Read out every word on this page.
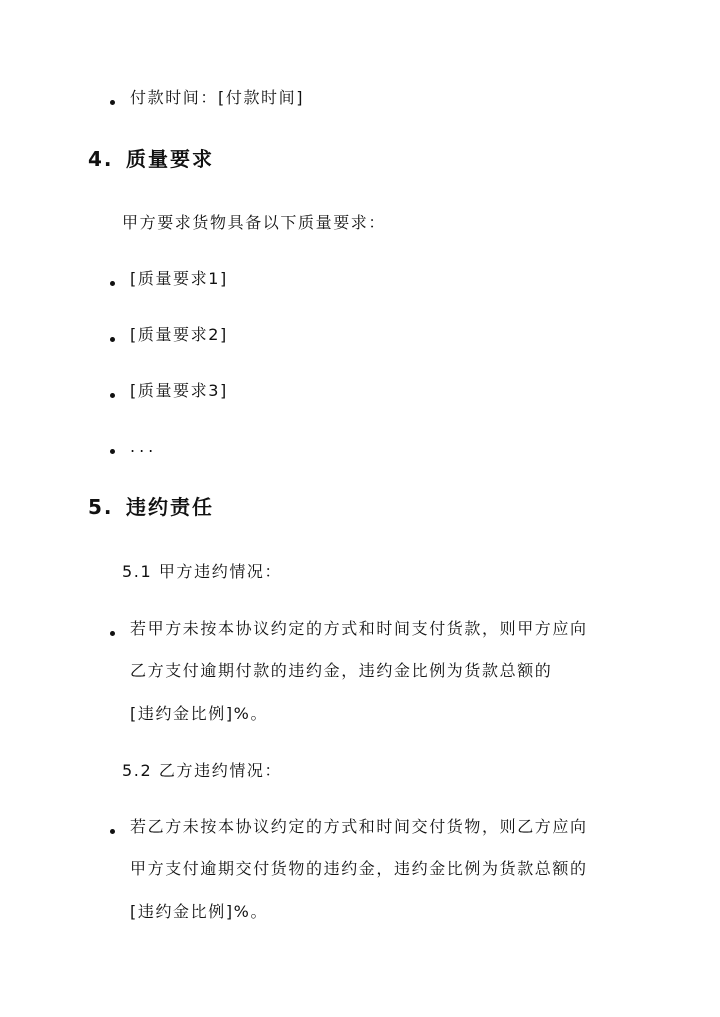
付款时间：[付款时间]
4. 质量要求
甲方要求货物具备以下质量要求：
[质量要求1]
[质量要求2]
[质量要求3]
...
5. 违约责任
5.1 甲方违约情况：
若甲方未按本协议约定的方式和时间支付货款，则甲方应向
乙方支付逾期付款的违约金，违约金比例为货款总额的
[违约金比例]%。
5.2 乙方违约情况：
若乙方未按本协议约定的方式和时间交付货物，则乙方应向
甲方支付逾期交付货物的违约金，违约金比例为货款总额的
[违约金比例]%。
